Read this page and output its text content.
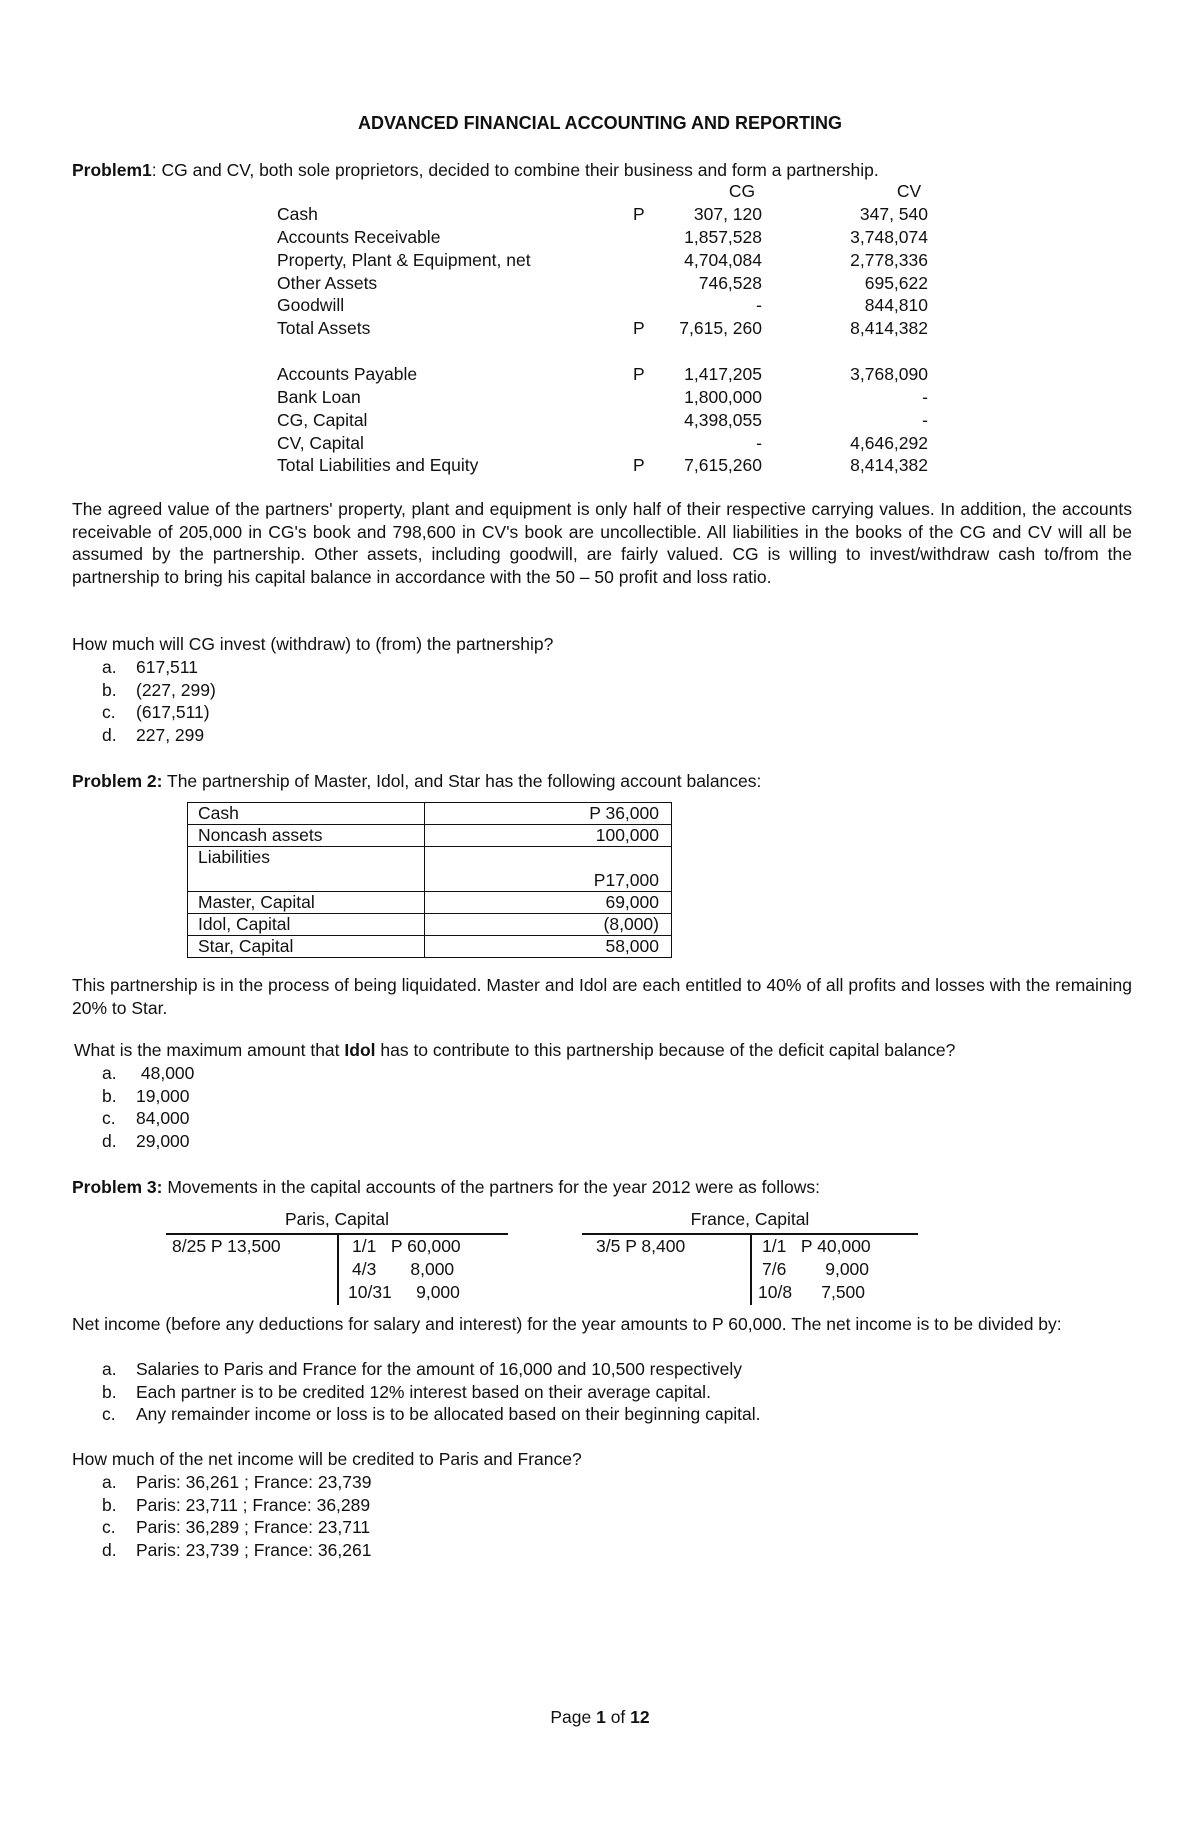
ADVANCED FINANCIAL ACCOUNTING AND REPORTING
Problem1: CG and CV, both sole proprietors, decided to combine their business and form a partnership.
CG	CV
Cash	P	307, 120	347, 540
Accounts Receivable	1,857,528	3,748,074
Property, Plant & Equipment, net	4,704,084	2,778,336
Other Assets	746,528	695,622
Goodwill	-	844,810
Total Assets	P	7,615, 260	8,414,382
Accounts Payable	P	1,417,205	3,768,090
Bank Loan	1,800,000	-
CG, Capital	4,398,055	-
CV, Capital	-	4,646,292
Total Liabilities and Equity	P	7,615,260	8,414,382
The agreed value of the partners' property, plant and equipment is only half of their respective carrying values. In addition, the accounts receivable of 205,000 in CG's book and 798,600 in CV's book are uncollectible. All liabilities in the books of the CG and CV will all be assumed by the partnership. Other assets, including goodwill, are fairly valued. CG is willing to invest/withdraw cash to/from the partnership to bring his capital balance in accordance with the 50 – 50 profit and loss ratio.
How much will CG invest (withdraw) to (from) the partnership?
a. 617,511
b. (227, 299)
c. (617,511)
d. 227, 299
Problem 2: The partnership of Master, Idol, and Star has the following account balances:
Cash	P 36,000
Noncash assets	100,000
Liabilities	P17,000
Master, Capital	69,000
Idol, Capital	(8,000)
Star, Capital	58,000
This partnership is in the process of being liquidated. Master and Idol are each entitled to 40% of all profits and losses with the remaining 20% to Star.
What is the maximum amount that Idol has to contribute to this partnership because of the deficit capital balance?
a. 48,000
b. 19,000
c. 84,000
d. 29,000
Problem 3: Movements in the capital accounts of the partners for the year 2012 were as follows:
Paris, Capital
8/25 P 13,500	1/1   P 60,000
4/3       8,000
10/31     9,000
France, Capital
3/5 P 8,400	1/1   P 40,000
7/6        9,000
10/8      7,500
Net income (before any deductions for salary and interest) for the year amounts to P 60,000. The net income is to be divided by:
a. Salaries to Paris and France for the amount of 16,000 and 10,500 respectively
b. Each partner is to be credited 12% interest based on their average capital.
c. Any remainder income or loss is to be allocated based on their beginning capital.
How much of the net income will be credited to Paris and France?
a. Paris: 36,261 ; France: 23,739
b. Paris: 23,711 ; France: 36,289
c. Paris: 36,289 ; France: 23,711
d. Paris: 23,739 ; France: 36,261
Page 1 of 12
